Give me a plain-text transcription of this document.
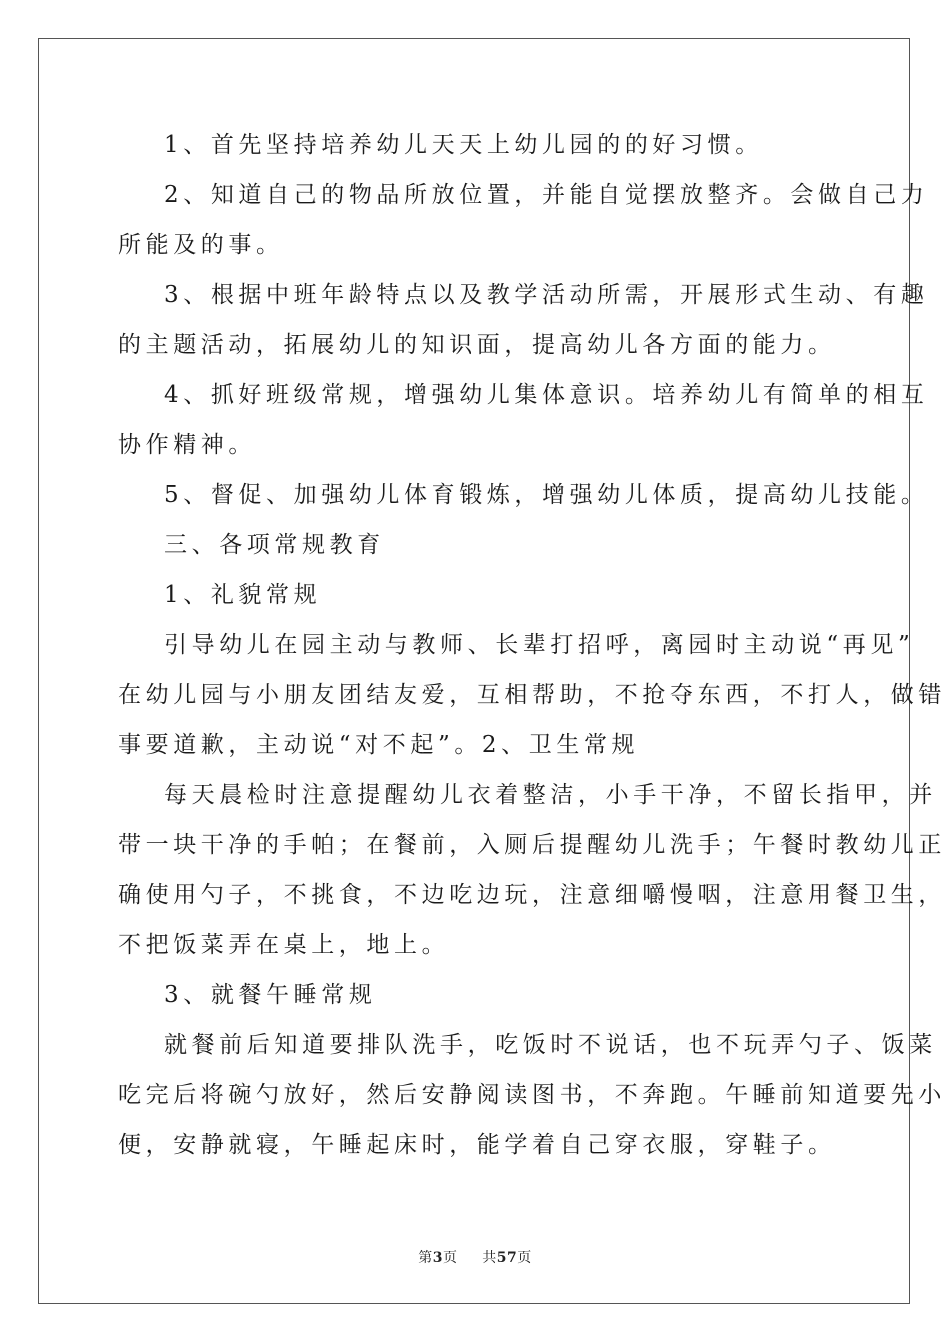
1、首先坚持培养幼儿天天上幼儿园的的好习惯。
2、知道自己的物品所放位置，并能自觉摆放整齐。会做自己力
所能及的事。
3、根据中班年龄特点以及教学活动所需，开展形式生动、有趣
的主题活动，拓展幼儿的知识面，提高幼儿各方面的能力。
4、抓好班级常规，增强幼儿集体意识。培养幼儿有简单的相互
协作精神。
5、督促、加强幼儿体育锻炼，增强幼儿体质，提高幼儿技能。
三、各项常规教育
1、礼貌常规
引导幼儿在园主动与教师、长辈打招呼，离园时主动说“再见”
在幼儿园与小朋友团结友爱，互相帮助，不抢夺东西，不打人，做错
事要道歉，主动说“对不起”。2、卫生常规
每天晨检时注意提醒幼儿衣着整洁，小手干净，不留长指甲，并
带一块干净的手帕；在餐前，入厕后提醒幼儿洗手；午餐时教幼儿正
确使用勺子，不挑食，不边吃边玩，注意细嚼慢咽，注意用餐卫生，
不把饭菜弄在桌上，地上。
3、就餐午睡常规
就餐前后知道要排队洗手，吃饭时不说话，也不玩弄勺子、饭菜
吃完后将碗勺放好，然后安静阅读图书，不奔跑。午睡前知道要先小
便，安静就寝，午睡起床时，能学着自己穿衣服，穿鞋子。
第3页 共57页
